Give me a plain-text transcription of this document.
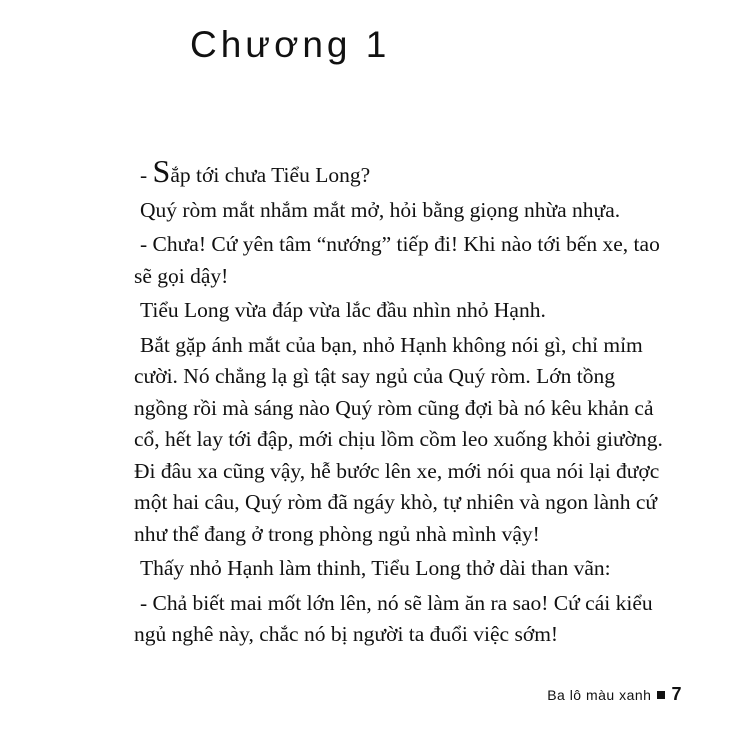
Chương 1

- Sắp tới chưa Tiểu Long?

Quý ròm mắt nhắm mắt mở, hỏi bằng giọng nhừa nhựa.

- Chưa! Cứ yên tâm “nướng” tiếp đi! Khi nào tới bến xe, tao sẽ gọi dậy!

Tiểu Long vừa đáp vừa lắc đầu nhìn nhỏ Hạnh.

Bắt gặp ánh mắt của bạn, nhỏ Hạnh không nói gì, chỉ mỉm cười. Nó chẳng lạ gì tật say ngủ của Quý ròm. Lớn tồng ngồng rồi mà sáng nào Quý ròm cũng đợi bà nó kêu khản cả cổ, hết lay tới đập, mới chịu lồm cồm leo xuống khỏi giường. Đi đâu xa cũng vậy, hễ bước lên xe, mới nói qua nói lại được một hai câu, Quý ròm đã ngáy khò, tự nhiên và ngon lành cứ như thể đang ở trong phòng ngủ nhà mình vậy!

Thấy nhỏ Hạnh làm thinh, Tiểu Long thở dài than vãn:

- Chả biết mai mốt lớn lên, nó sẽ làm ăn ra sao! Cứ cái kiểu ngủ nghê này, chắc nó bị người ta đuổi việc sớm!

Ba lô màu xanh 7
